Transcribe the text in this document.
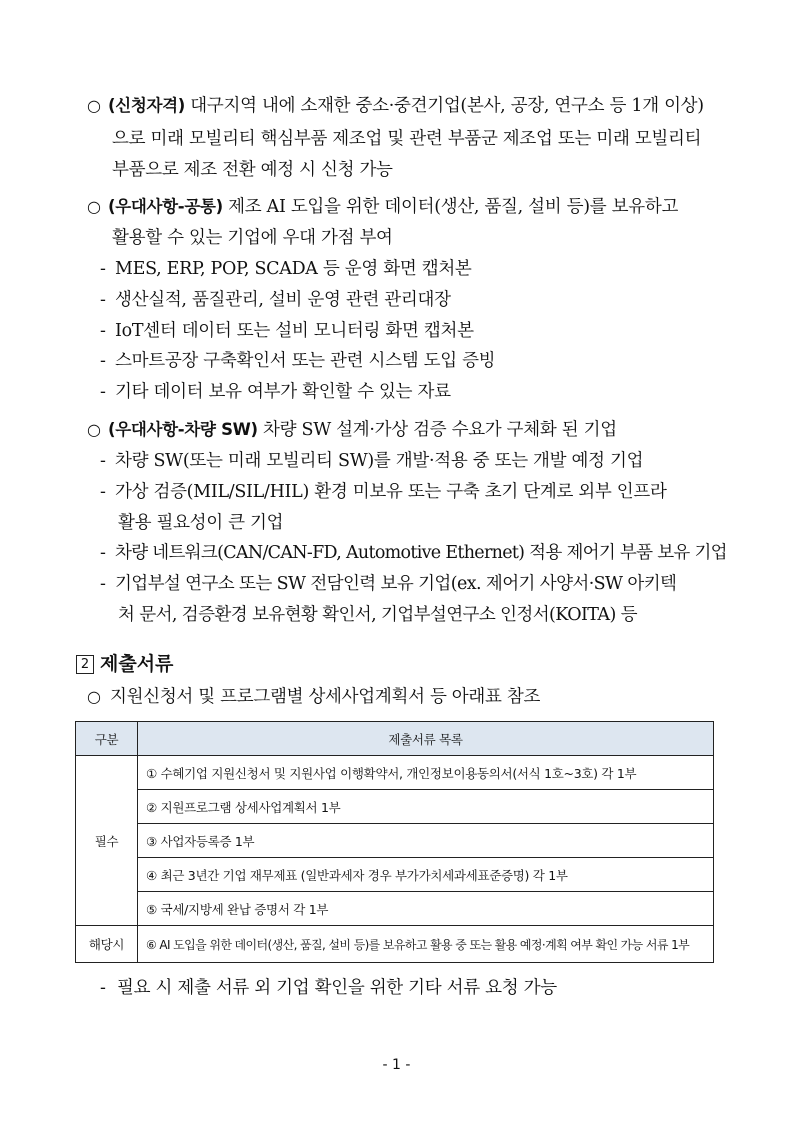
○ (신청자격) 대구지역 내에 소재한 중소·중견기업(본사, 공장, 연구소 등 1개 이상)
으로 미래 모빌리티 핵심부품 제조업 및 관련 부품군 제조업 또는 미래 모빌리티
부품으로 제조 전환 예정 시 신청 가능
○ (우대사항-공통) 제조 AI 도입을 위한 데이터(생산, 품질, 설비 등)를 보유하고
활용할 수 있는 기업에 우대 가점 부여
- MES, ERP, POP, SCADA 등 운영 화면 캡처본
- 생산실적, 품질관리, 설비 운영 관련 관리대장
- IoT센터 데이터 또는 설비 모니터링 화면 캡처본
- 스마트공장 구축확인서 또는 관련 시스템 도입 증빙
- 기타 데이터 보유 여부가 확인할 수 있는 자료
○ (우대사항-차량 SW) 차량 SW 설계·가상 검증 수요가 구체화 된 기업
- 차량 SW(또는 미래 모빌리티 SW)를 개발·적용 중 또는 개발 예정 기업
- 가상 검증(MIL/SIL/HIL) 환경 미보유 또는 구축 초기 단계로 외부 인프라
활용 필요성이 큰 기업
- 차량 네트워크(CAN/CAN-FD, Automotive Ethernet) 적용 제어기 부품 보유 기업
- 기업부설 연구소 또는 SW 전담인력 보유 기업(ex. 제어기 사양서·SW 아키텍
처 문서, 검증환경 보유현황 확인서, 기업부설연구소 인정서(KOITA) 등
2 제출서류
○ 지원신청서 및 프로그램별 상세사업계획서 등 아래표 참조
구분	제출서류 목록
필수	① 수혜기업 지원신청서 및 지원사업 이행확약서, 개인정보이용동의서(서식 1호~3호) 각 1부
	② 지원프로그램 상세사업계획서 1부
	③ 사업자등록증 1부
	④ 최근 3년간 기업 재무제표 (일반과세자 경우 부가가치세과세표준증명) 각 1부
	⑤ 국세/지방세 완납 증명서 각 1부
해당시	⑥ AI 도입을 위한 데이터(생산, 품질, 설비 등)를 보유하고 활용 중 또는 활용 예정·계획 여부 확인 가능 서류 1부
- 필요 시 제출 서류 외 기업 확인을 위한 기타 서류 요청 가능
- 1 -
